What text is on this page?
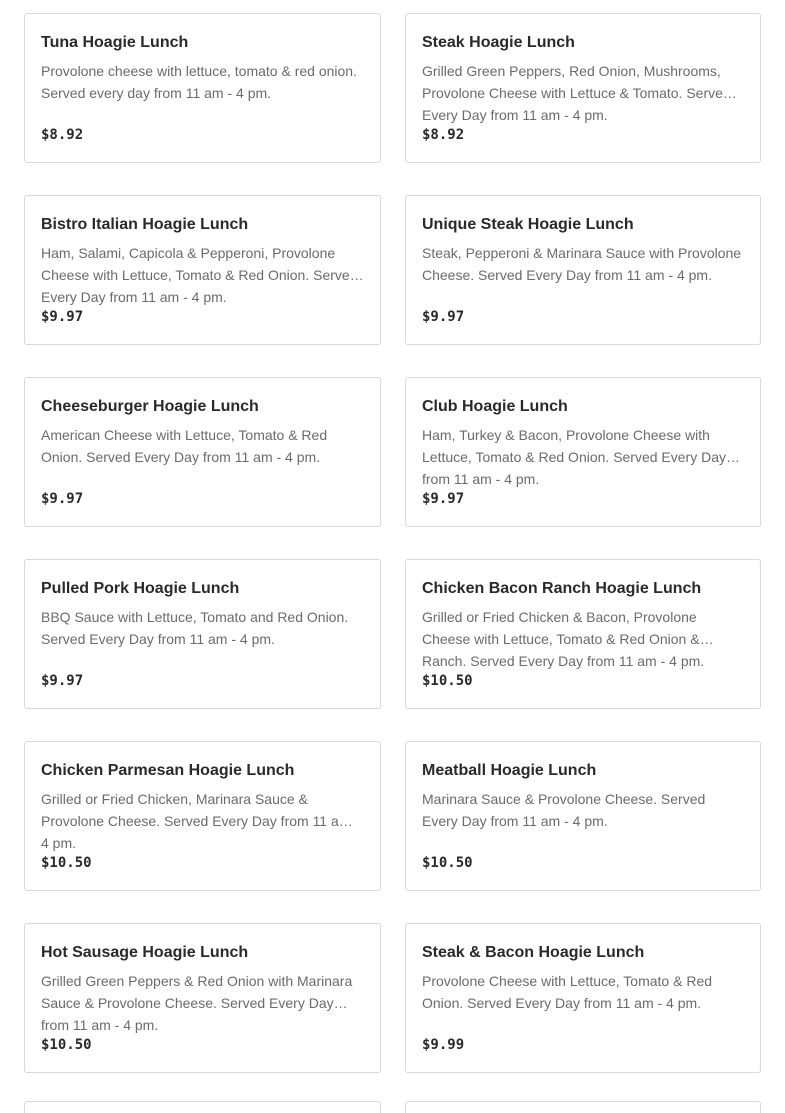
Tuna Hoagie Lunch
Provolone cheese with lettuce, tomato & red onion. Served every day from 11 am - 4 pm.
$8.92
Steak Hoagie Lunch
Grilled Green Peppers, Red Onion, Mushrooms, Provolone Cheese with Lettuce & Tomato. Served Every Day from 11 am - 4 pm.
$8.92
Bistro Italian Hoagie Lunch
Ham, Salami, Capicola & Pepperoni, Provolone Cheese with Lettuce, Tomato & Red Onion. Served Every Day from 11 am - 4 pm.
$9.97
Unique Steak Hoagie Lunch
Steak, Pepperoni & Marinara Sauce with Provolone Cheese. Served Every Day from 11 am - 4 pm.
$9.97
Cheeseburger Hoagie Lunch
American Cheese with Lettuce, Tomato & Red Onion. Served Every Day from 11 am - 4 pm.
$9.97
Club Hoagie Lunch
Ham, Turkey & Bacon, Provolone Cheese with Lettuce, Tomato & Red Onion. Served Every Day from 11 am - 4 pm.
$9.97
Pulled Pork Hoagie Lunch
BBQ Sauce with Lettuce, Tomato and Red Onion. Served Every Day from 11 am - 4 pm.
$9.97
Chicken Bacon Ranch Hoagie Lunch
Grilled or Fried Chicken & Bacon, Provolone Cheese with Lettuce, Tomato & Red Onion & Ranch. Served Every Day from 11 am - 4 pm.
$10.50
Chicken Parmesan Hoagie Lunch
Grilled or Fried Chicken, Marinara Sauce & Provolone Cheese. Served Every Day from 11 am - 4 pm.
$10.50
Meatball Hoagie Lunch
Marinara Sauce & Provolone Cheese. Served Every Day from 11 am - 4 pm.
$10.50
Hot Sausage Hoagie Lunch
Grilled Green Peppers & Red Onion with Marinara Sauce & Provolone Cheese. Served Every Day from 11 am - 4 pm.
$10.50
Steak & Bacon Hoagie Lunch
Provolone Cheese with Lettuce, Tomato & Red Onion. Served Every Day from 11 am - 4 pm.
$9.99
